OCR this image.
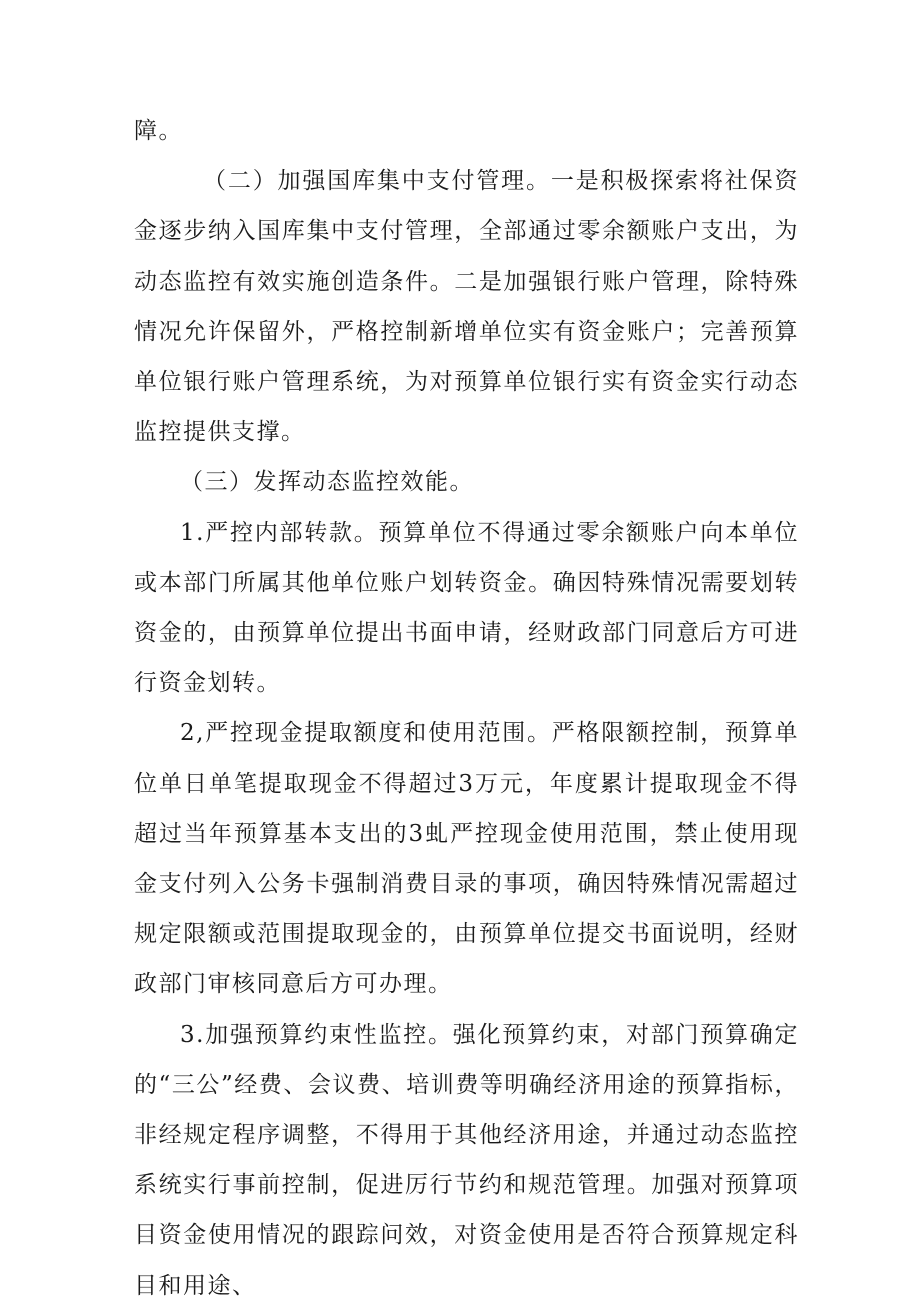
障。

（二）加强国库集中支付管理。一是积极探索将社保资金逐步纳入国库集中支付管理，全部通过零余额账户支出，为动态监控有效实施创造条件。二是加强银行账户管理，除特殊情况允许保留外，严格控制新增单位实有资金账户；完善预算单位银行账户管理系统，为对预算单位银行实有资金实行动态监控提供支撑。

（三）发挥动态监控效能。

1.严控内部转款。预算单位不得通过零余额账户向本单位或本部门所属其他单位账户划转资金。确因特殊情况需要划转资金的，由预算单位提出书面申请，经财政部门同意后方可进行资金划转。

2,严控现金提取额度和使用范围。严格限额控制，预算单位单日单笔提取现金不得超过3万元，年度累计提取现金不得超过当年预算基本支出的3虬严控现金使用范围，禁止使用现金支付列入公务卡强制消费目录的事项，确因特殊情况需超过规定限额或范围提取现金的，由预算单位提交书面说明，经财政部门审核同意后方可办理。

3.加强预算约束性监控。强化预算约束，对部门预算确定的“三公”经费、会议费、培训费等明确经济用途的预算指标，非经规定程序调整，不得用于其他经济用途，并通过动态监控系统实行事前控制，促进厉行节约和规范管理。加强对预算项目资金使用情况的跟踪问效，对资金使用是否符合预算规定科目和用途、
